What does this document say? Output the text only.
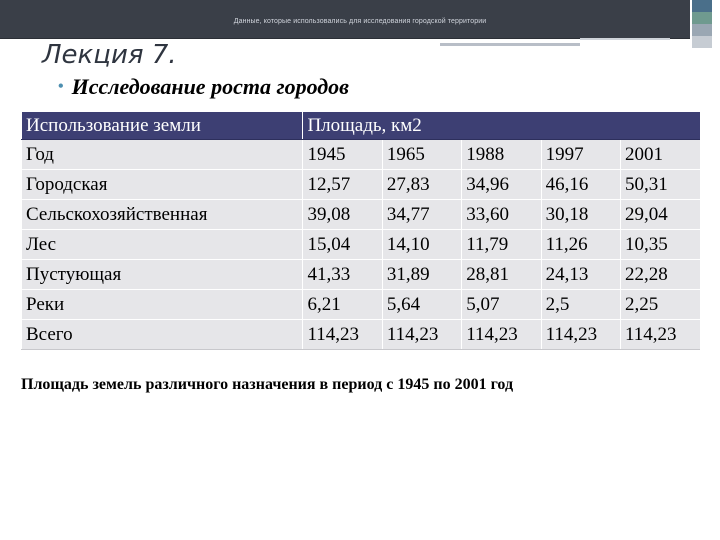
Данные, которые использовались для исследования городской территории
Лекция 7.
• Исследование роста городов
Использование земли	Площадь, км2				
Год	1945	1965	1988	1997	2001
Городская	12,57	27,83	34,96	46,16	50,31
Сельскохозяйственная	39,08	34,77	33,60	30,18	29,04
Лес	15,04	14,10	11,79	11,26	10,35
Пустующая	41,33	31,89	28,81	24,13	22,28
Реки	6,21	5,64	5,07	2,5	2,25
Всего	114,23	114,23	114,23	114,23	114,23
Площадь земель различного назначения в период с 1945 по 2001 год
